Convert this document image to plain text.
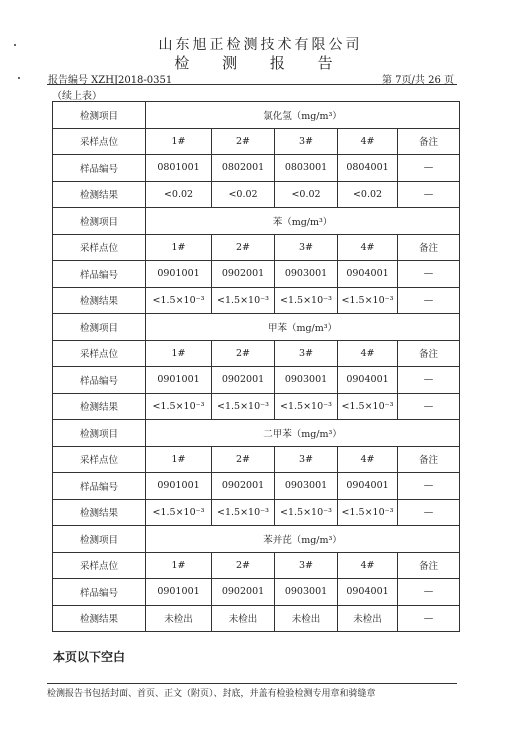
山东旭正检测技术有限公司
检 测 报 告
报告编号 XZHJ2018-0351	第 7页/共 26 页
（续上表）
检测项目	氯化氢（mg/m³）				
采样点位	1#	2#	3#	4#	备注
样品编号	0801001	0802001	0803001	0804001	—
检测结果	<0.02	<0.02	<0.02	<0.02	—
检测项目	苯（mg/m³）				
采样点位	1#	2#	3#	4#	备注
样品编号	0901001	0902001	0903001	0904001	—
检测结果	<1.5×10⁻³	<1.5×10⁻³	<1.5×10⁻³	<1.5×10⁻³	—
检测项目	甲苯（mg/m³）				
采样点位	1#	2#	3#	4#	备注
样品编号	0901001	0902001	0903001	0904001	—
检测结果	<1.5×10⁻³	<1.5×10⁻³	<1.5×10⁻³	<1.5×10⁻³	—
检测项目	二甲苯（mg/m³）				
采样点位	1#	2#	3#	4#	备注
样品编号	0901001	0902001	0903001	0904001	—
检测结果	<1.5×10⁻³	<1.5×10⁻³	<1.5×10⁻³	<1.5×10⁻³	—
检测项目	苯并芘（mg/m³）				
采样点位	1#	2#	3#	4#	备注
样品编号	0901001	0902001	0903001	0904001	—
检测结果	未检出	未检出	未检出	未检出	—
本页以下空白
检测报告书包括封面、首页、正文（附页）、封底，并盖有检验检测专用章和骑缝章
